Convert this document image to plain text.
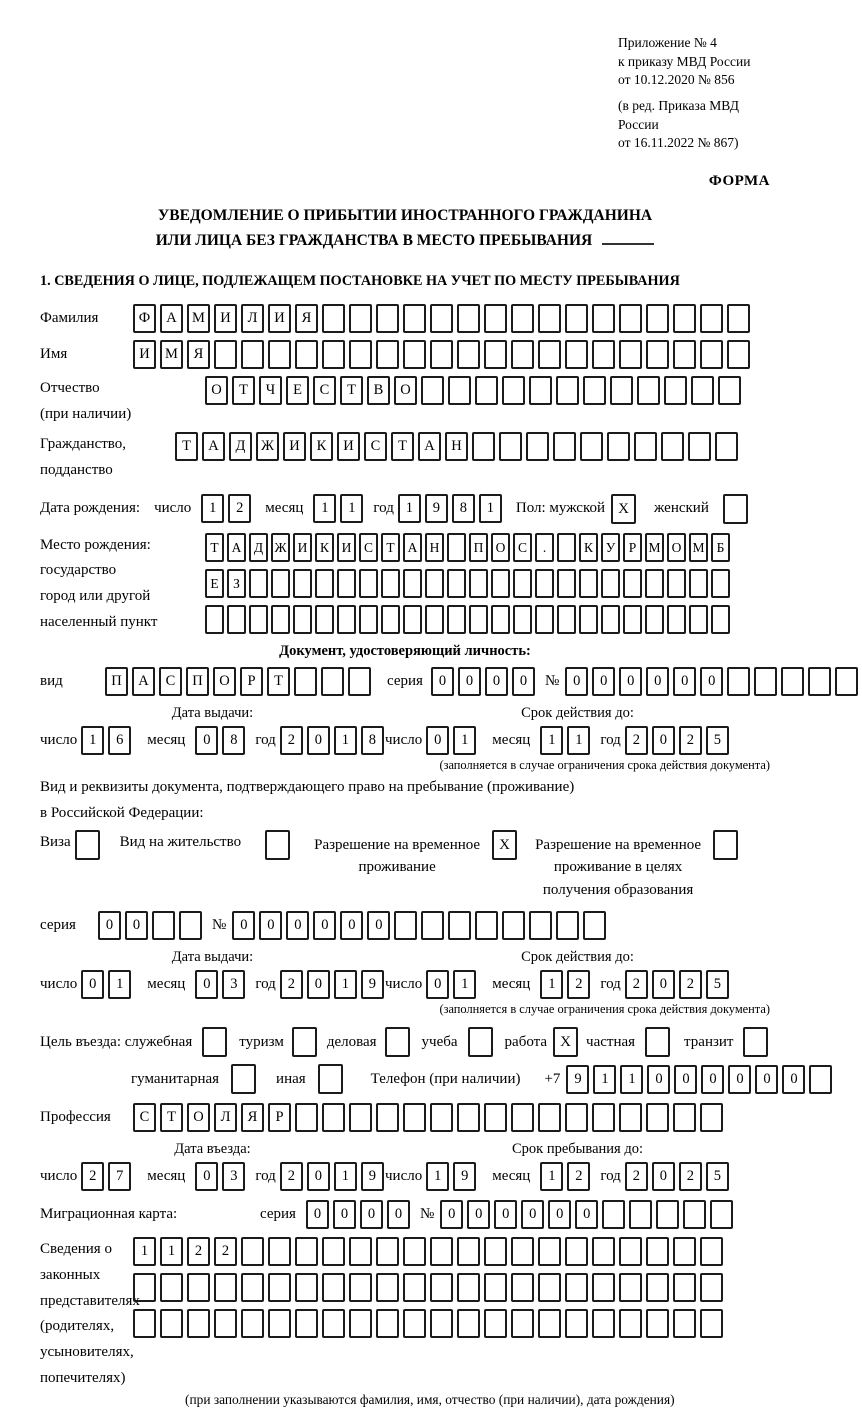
Приложение № 4
к приказу МВД России
от 10.12.2020 № 856
(в ред. Приказа МВД России
от 16.11.2022 № 867)
ФОРМА
УВЕДОМЛЕНИЕ О ПРИБЫТИИ ИНОСТРАННОГО ГРАЖДАНИНА
ИЛИ ЛИЦА БЕЗ ГРАЖДАНСТВА В МЕСТО ПРЕБЫВАНИЯ
1. СВЕДЕНИЯ О ЛИЦЕ, ПОДЛЕЖАЩЕМ ПОСТАНОВКЕ НА УЧЕТ ПО МЕСТУ ПРЕБЫВАНИЯ
Фамилия	Ф	А	М	И	Л	И	Я
Имя	И	М	Я
Отчество
(при наличии)
О	Т	Ч	Е	С	Т	В	О
Гражданство,
подданство
Т	А	Д	Ж	И	К	И	С	Т	А	Н
Дата рождения: число	1	2	месяц	1	1	год 1	9	8	1	Пол: мужской X	женский
Место рождения:
государство
город или другой
населенный пункт
Т А Д Ж И К И С Т А Н	П О С	.	К У Р М О М Б
Е	З
Документ, удостоверяющий личность:
вид	П	А	С	П	О	Р	Т	серия	0	0	0	0	№ 0	0	0	0	0	0
Дата выдачи:
число 1	6	месяц	0	8	год 2	0	1	8
Срок действия до:
число 0	1	месяц	1	1	год 2	0	2	5
(заполняется в случае ограничения срока действия документа)
Вид и реквизиты документа, подтверждающего право на пребывание (проживание)
в Российской Федерации:
Виза	Вид на жительство	Разрешение на временное
проживание
X	Разрешение на временное
проживание в целях
получения образования
серия	0	0	№ 0	0	0	0	0	0
Дата выдачи:
число 0	1	месяц	0	3	год 2	0	1	9
Срок действия до:
число 0	1	месяц	1	2	год 2	0	2	5
(заполняется в случае ограничения срока действия документа)
Цель въезда: служебная	туризм	деловая	учеба	работа X	частная	транзит
гуманитарная	иная	Телефон (при наличии) +7 9	1	1	0	0	0	0	0	0
Профессия	С	Т	О	Л	Я	Р
Дата въезда:
число 2	7	месяц	0	3	год 2	0	1	9
Срок пребывания до:
число 1	9	месяц	1	2	год 2	0	2	5
Миграционная карта:	серия	0	0	0	0	№ 0	0	0	0	0	0
Сведения о
законных
представителях
(родителях,
усыновителях,
попечителях)
1	1	2	2
(при заполнении указываются фамилия, имя, отчество (при наличии), дата рождения)
